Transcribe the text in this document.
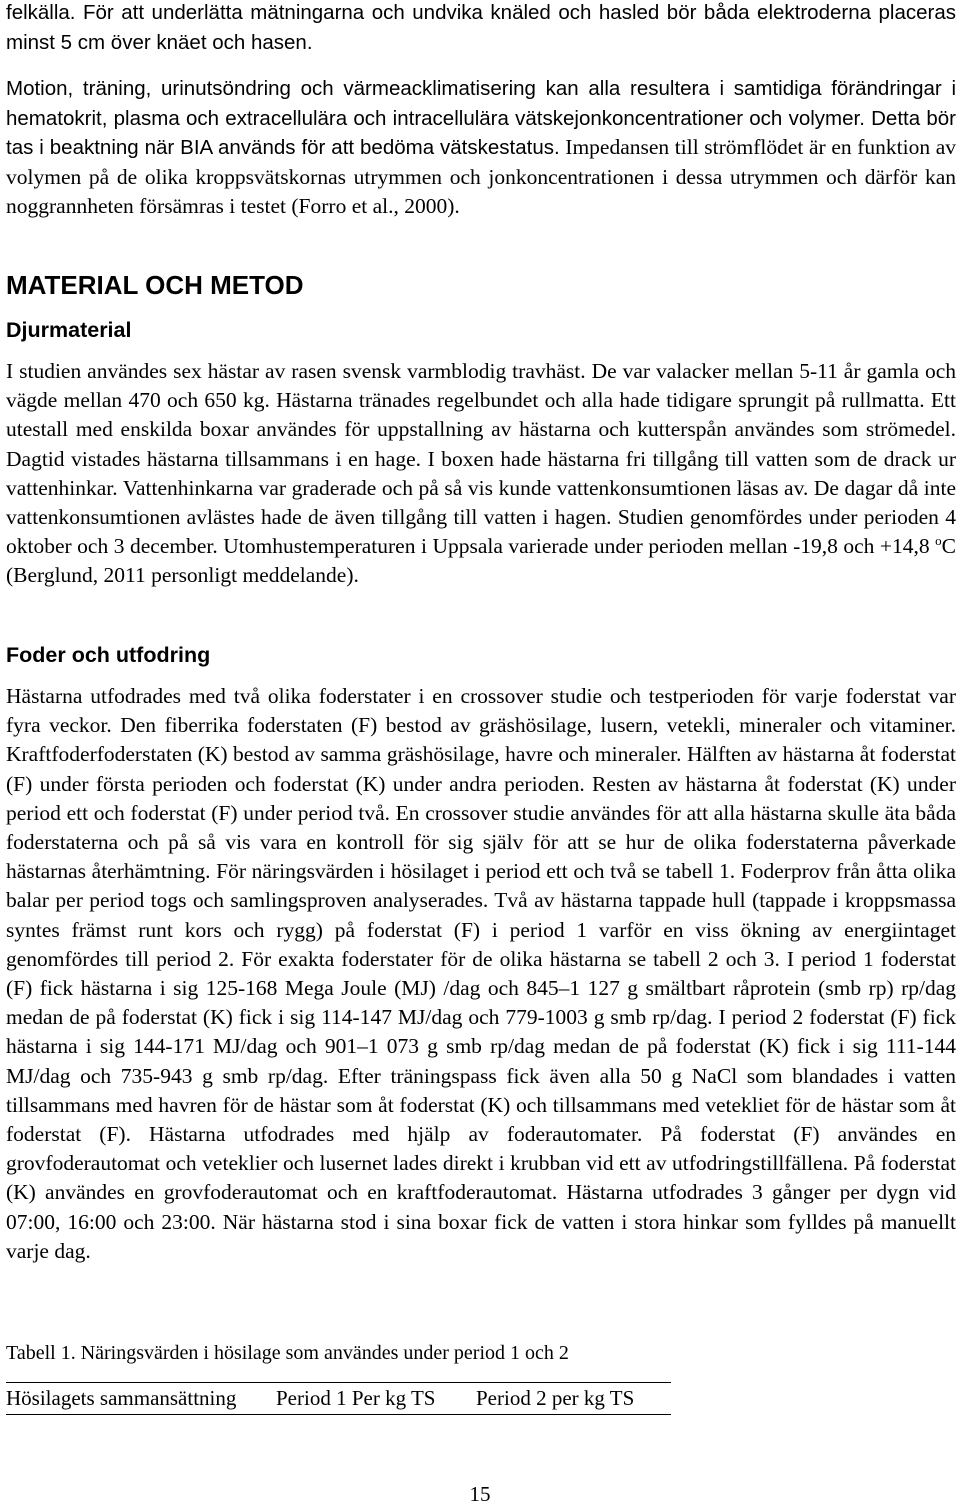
felkälla. För att underlätta mätningarna och undvika knäled och hasled bör båda elektroderna placeras minst 5 cm över knäet och hasen.

Motion, träning, urinutsöndring och värmeacklimatisering kan alla resultera i samtidiga förändringar i hematokrit, plasma och extracellulära och intracellulära vätskejonkoncentrationer och volymer. Detta bör tas i beaktning när BIA används för att bedöma vätskestatus. Impedansen till strömflödet är en funktion av volymen på de olika kroppsvätskornas utrymmen och jonkoncentrationen i dessa utrymmen och därför kan noggrannheten försämras i testet (Forro et al., 2000).

MATERIAL OCH METOD
Djurmaterial

I studien användes sex hästar av rasen svensk varmblodig travhäst. De var valacker mellan 5-11 år gamla och vägde mellan 470 och 650 kg. Hästarna tränades regelbundet och alla hade tidigare sprungit på rullmatta. Ett utestall med enskilda boxar användes för uppstallning av hästarna och kutterspån användes som strömedel. Dagtid vistades hästarna tillsammans i en hage. I boxen hade hästarna fri tillgång till vatten som de drack ur vattenhinkar. Vattenhinkarna var graderade och på så vis kunde vattenkonsumtionen läsas av. De dagar då inte vattenkonsumtionen avlästes hade de även tillgång till vatten i hagen. Studien genomfördes under perioden 4 oktober och 3 december. Utomhustemperaturen i Uppsala varierade under perioden mellan -19,8 och +14,8 $^o$C (Berglund, 2011 personligt meddelande).

Foder och utfodring

Hästarna utfodrades med två olika foderstater i en crossover studie och testperioden för varje foderstat var fyra veckor. Den fiberrika foderstaten (F) bestod av gräshösilage, lusern, vetekli, mineraler och vitaminer. Kraftfoderfoderstaten (K) bestod av samma gräshösilage, havre och mineraler. Hälften av hästarna åt foderstat (F) under första perioden och foderstat (K) under andra perioden. Resten av hästarna åt foderstat (K) under period ett och foderstat (F) under period två. En crossover studie användes för att alla hästarna skulle äta båda foderstaterna och på så vis vara en kontroll för sig själv för att se hur de olika foderstaterna påverkade hästarnas återhämtning. För näringsvärden i hösilaget i period ett och två se tabell 1. Foderprov från åtta olika balar per period togs och samlingsproven analyserades. Två av hästarna tappade hull (tappade i kroppsmassa syntes främst runt kors och rygg) på foderstat (F) i period 1 varför en viss ökning av energiintaget genomfördes till period 2. För exakta foderstater för de olika hästarna se tabell 2 och 3. I period 1 foderstat (F) fick hästarna i sig 125-168 Mega Joule (MJ) /dag och 845–1 127 g smältbart råprotein (smb rp) rp/dag medan de på foderstat (K) fick i sig 114-147 MJ/dag och 779-1003 g smb rp/dag. I period 2 foderstat (F) fick hästarna i sig 144-171 MJ/dag och 901–1 073 g smb rp/dag medan de på foderstat (K) fick i sig 111-144 MJ/dag och 735-943 g smb rp/dag. Efter träningspass fick även alla 50 g NaCl som blandades i vatten tillsammans med havren för de hästar som åt foderstat (K) och tillsammans med vetekliet för de hästar som åt foderstat (F). Hästarna utfodrades med hjälp av foderautomater. På foderstat (F) användes en grovfoderautomat och veteklier och lusernet lades direkt i krubban vid ett av utfodringstillfällena. På foderstat (K) användes en grovfoderautomat och en kraftfoderautomat. Hästarna utfodrades 3 gånger per dygn vid 07:00, 16:00 och 23:00. När hästarna stod i sina boxar fick de vatten i stora hinkar som fylldes på manuellt varje dag.

Tabell 1. Näringsvärden i hösilage som användes under period 1 och 2

Hösilagets sammansättning	Period 1 Per kg TS	Period 2 per kg TS

15
